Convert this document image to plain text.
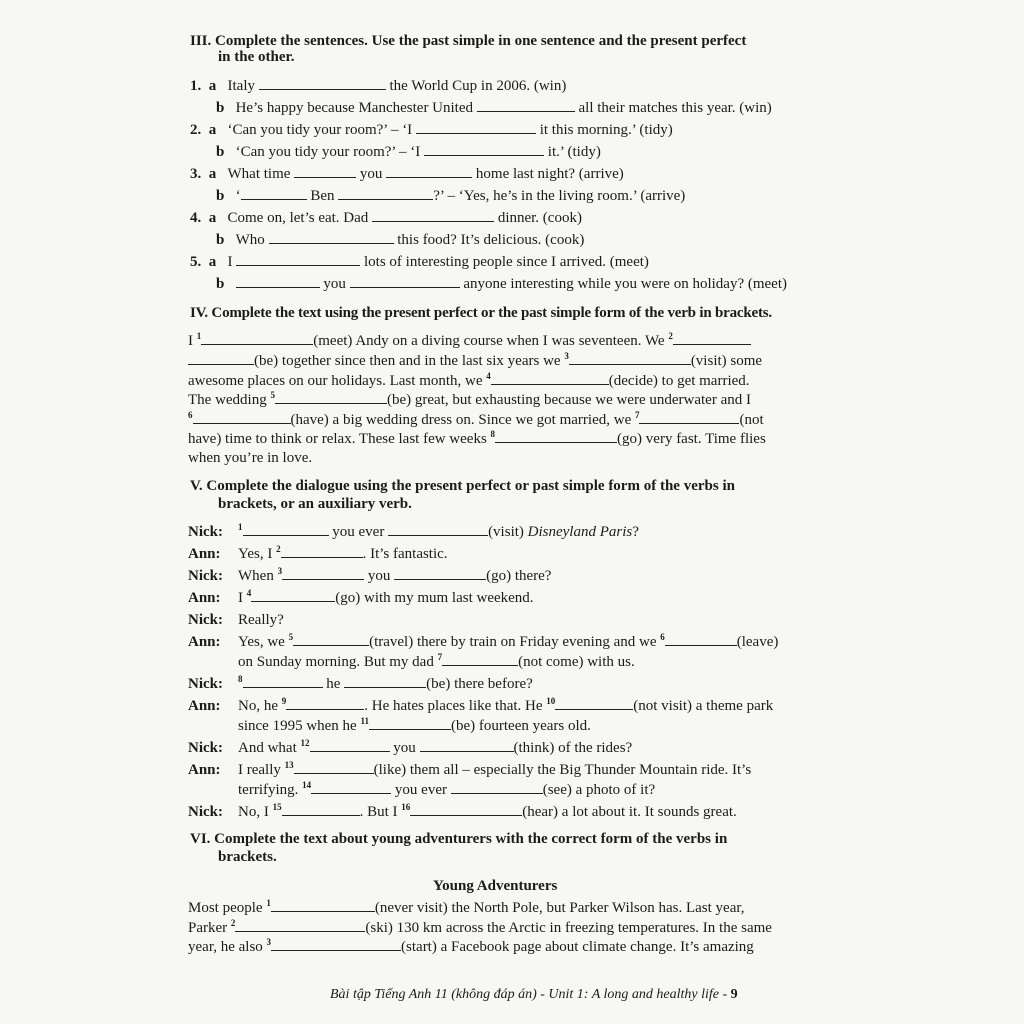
III. Complete the sentences. Use the past simple in one sentence and the present perfect
in the other.
1. a Italy	the World Cup in 2006. (win)
b He’s happy because Manchester United	all their matches this year. (win)
2. a ‘Can you tidy your room?’ – ‘I	it this morning.’ (tidy)
b ‘Can you tidy your room?’ – ‘I	it.’ (tidy)
3. a What time	you	home last night? (arrive)
b ‘	Ben	?’ – ‘Yes, he’s in the living room.’ (arrive)
4. a Come on, let’s eat. Dad	dinner. (cook)
b Who	this food? It’s delicious. (cook)
5. a I	lots of interesting people since I arrived. (meet)
b	you	anyone interesting while you were on holiday? (meet)
IV. Complete the text using the present perfect or the past simple form of the verb in brackets.
I $^1$	(meet) Andy on a diving course when I was seventeen. We $^2$
(be) together since then and in the last six years we $^3$	(visit) some
awesome places on our holidays. Last month, we $^4$	(decide) to get married.
The wedding $^5$	(be) great, but exhausting because we were underwater and I
$^6$	(have) a big wedding dress on. Since we got married, we $^7$	(not
have) time to think or relax. These last few weeks $^8$	(go) very fast. Time flies
when you’re in love.
V. Complete the dialogue using the present perfect or past simple form of the verbs in
brackets, or an auxiliary verb.
Nick: $^1$	you ever	(visit) Disneyland Paris?
Ann: Yes, I $^2$	. It’s fantastic.
Nick: When $^3$	you	(go) there?
Ann: I $^4$	(go) with my mum last weekend.
Nick: Really?
Ann: Yes, we $^5$	(travel) there by train on Friday evening and we $^6$	(leave)
on Sunday morning. But my dad $^7$	(not come) with us.
Nick: $^8$	he	(be) there before?
Ann: No, he $^9$	. He hates places like that. He $^{10}$	(not visit) a theme park
since 1995 when he $^{11}$	(be) fourteen years old.
Nick: And what $^{12}$	you	(think) of the rides?
Ann: I really $^{13}$	(like) them all – especially the Big Thunder Mountain ride. It’s
terrifying. $^{14}$	you ever	(see) a photo of it?
Nick: No, I $^{15}$	. But I $^{16}$	(hear) a lot about it. It sounds great.
VI. Complete the text about young adventurers with the correct form of the verbs in
brackets.
Young Adventurers
Most people $^1$	(never visit) the North Pole, but Parker Wilson has. Last year,
Parker $^2$	(ski) 130 km across the Arctic in freezing temperatures. In the same
year, he also $^3$	(start) a Facebook page about climate change. It’s amazing
Bài tập Tiếng Anh 11 (không đáp án) - Unit 1: A long and healthy life - 9
